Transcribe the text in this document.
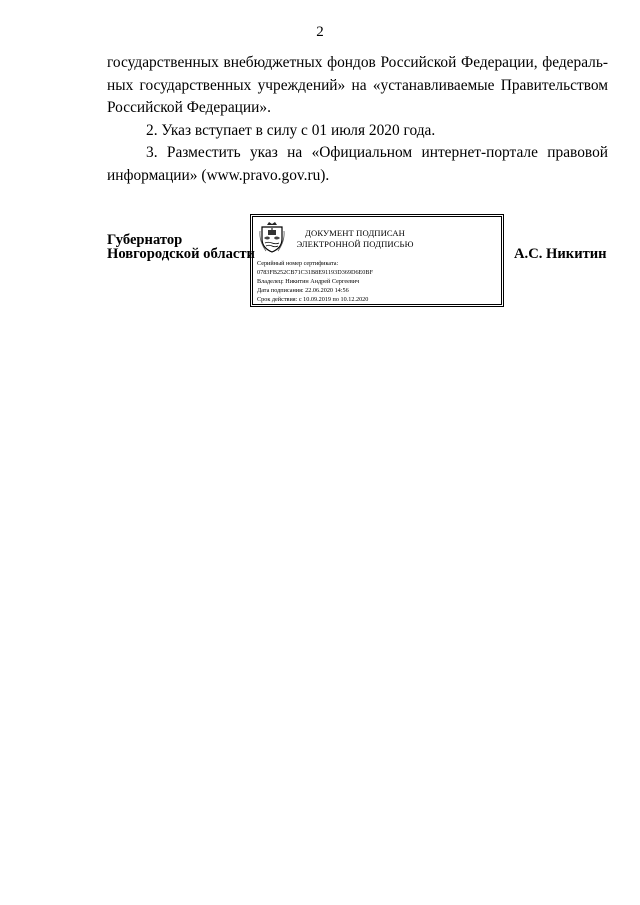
2

государственных внебюджетных фондов Российской Федерации, федераль-ных государственных учреждений» на «устанавливаемые Правительством Российской Федерации».

2. Указ вступает в силу с 01 июля 2020 года.

3. Разместить указ на «Официальном интернет-портале правовой информации» (www.pravo.gov.ru).

Губернатор
Новгородской области
ДОКУМЕНТ ПОДПИСАН
ЭЛЕКТРОННОЙ ПОДПИСЬЮ
Серийный номер сертификата:
0783FB252CB71C31B8E91193D369D6E0BF
Владелец: Никитин Андрей Сергеевич
Дата подписания: 22.06.2020 14:56
Срок действия: с 10.09.2019 по 10.12.2020
А.С. Никитин
